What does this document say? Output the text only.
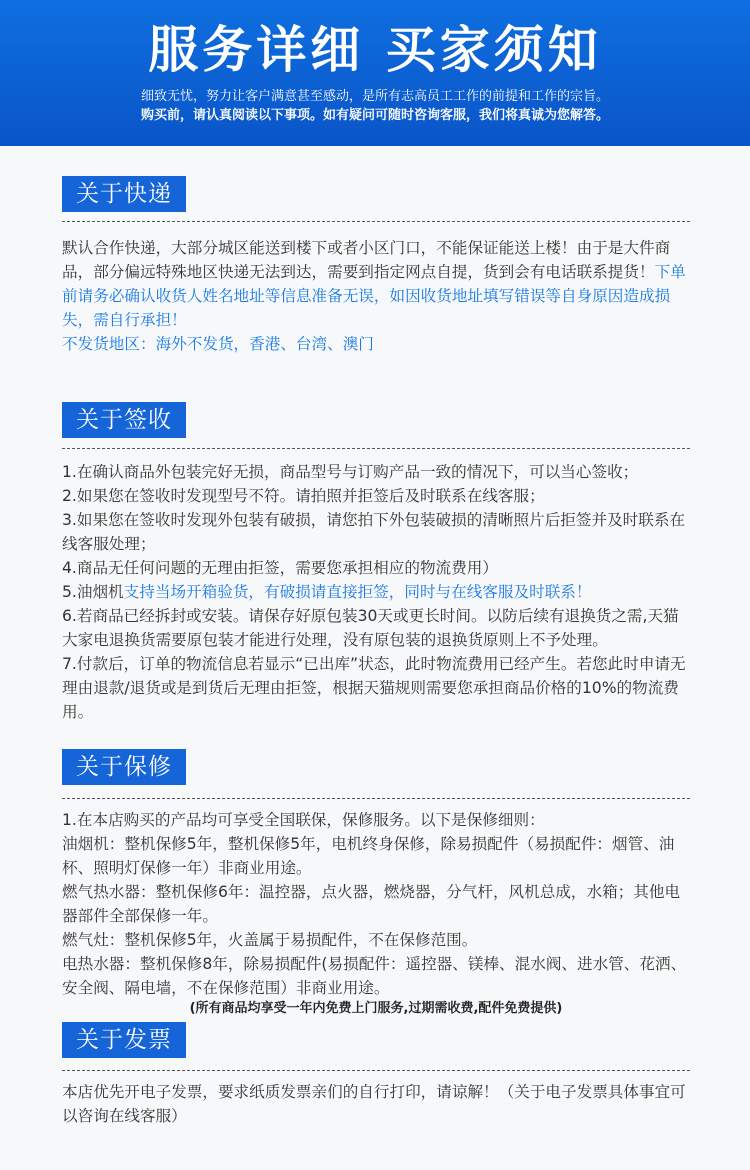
服务详细 买家须知
细致无忧，努力让客户满意甚至感动，是所有志高员工工作的前提和工作的宗旨。
购买前，请认真阅读以下事项。如有疑问可随时咨询客服，我们将真诚为您解答。
关于快递

默认合作快递，大部分城区能送到楼下或者小区门口，不能保证能送上楼！由于是大件商品，部分偏远特殊地区快递无法到达，需要到指定网点自提，货到会有电话联系提货！下单前请务必确认收货人姓名地址等信息准备无误，如因收货地址填写错误等自身原因造成损失，需自行承担！

不发货地区：海外不发货，香港、台湾、澳门

关于签收

1.在确认商品外包装完好无损，商品型号与订购产品一致的情况下，可以当心签收；

2.如果您在签收时发现型号不符。请拍照并拒签后及时联系在线客服；

3.如果您在签收时发现外包装有破损，请您拍下外包装破损的清晰照片后拒签并及时联系在线客服处理；

4.商品无任何问题的无理由拒签，需要您承担相应的物流费用）

5.油烟机支持当场开箱验货，有破损请直接拒签，同时与在线客服及时联系！

6.若商品已经拆封或安装。请保存好原包装30天或更长时间。以防后续有退换货之需,天猫大家电退换货需要原包装才能进行处理，没有原包装的退换货原则上不予处理。

7.付款后，订单的物流信息若显示“已出库”状态，此时物流费用已经产生。若您此时申请无理由退款/退货或是到货后无理由拒签，根据天猫规则需要您承担商品价格的10%的物流费用。

关于保修

1.在本店购买的产品均可享受全国联保，保修服务。以下是保修细则：

油烟机：整机保修5年，整机保修5年，电机终身保修，除易损配件（易损配件：烟管、油杯、照明灯保修一年）非商业用途。

燃气热水器：整机保修6年：温控器，点火器，燃烧器，分气杆，风机总成，水箱；其他电器部件全部保修一年。

燃气灶：整机保修5年，火盖属于易损配件，不在保修范围。

电热水器：整机保修8年，除易损配件(易损配件：遥控器、镁棒、混水阀、进水管、花洒、安全阀、隔电墙，不在保修范围）非商业用途。

(所有商品均享受一年内免费上门服务,过期需收费,配件免费提供)
关于发票
本店优先开电子发票，要求纸质发票亲们的自行打印，请谅解！（关于电子发票具体事宜可以咨询在线客服）
